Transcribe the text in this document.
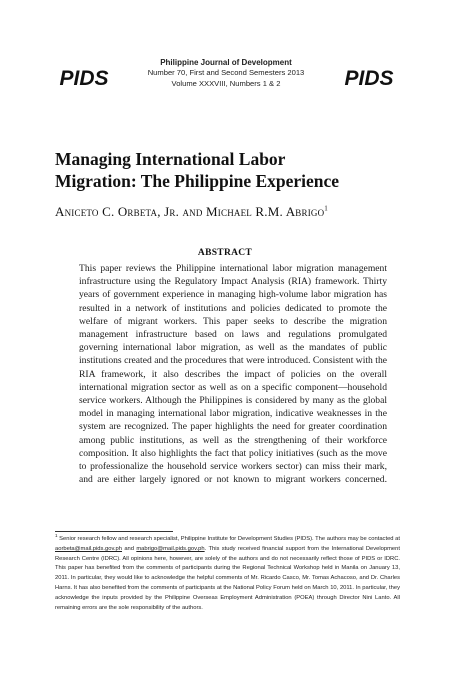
PIDS
Philippine Journal of Development
Number 70, First and Second Semesters 2013
Volume XXXVIII, Numbers 1 & 2	PIDS
Managing International Labor
Migration: The Philippine Experience
Aniceto C. Orbeta, Jr. and Michael R.M. Abrigo$^1$
ABSTRACT

This paper reviews the Philippine international labor migration management infrastructure using the Regulatory Impact Analysis (RIA) framework. Thirty years of government experience in managing high-volume labor migration has resulted in a network of institutions and policies dedicated to promote the welfare of migrant workers. This paper seeks to describe the migration management infrastructure based on laws and regulations promulgated governing international labor migration, as well as the mandates of public institutions created and the procedures that were introduced. Consistent with the RIA framework, it also describes the impact of policies on the overall international migration sector as well as on a specific component—household service workers. Although the Philippines is considered by many as the global model in managing international labor migration, indicative weaknesses in the system are recognized. The paper highlights the need for greater coordination among public institutions, as well as the strengthening of their workforce composition. It also highlights the fact that policy initiatives (such as the move to professionalize the household service workers sector) can miss their mark, and are either largely ignored or not known to migrant workers concerned.

$^1$ Senior research fellow and research specialist, Philippine Institute for Development Studies (PIDS). The authors may be contacted at aorbeta@mail.pids.gov.ph and mabrigo@mail.pids.gov.ph. This study received financial support from the International Development Research Centre (IDRC). All opinions here, however, are solely of the authors and do not necessarily reflect those of PIDS or IDRC. This paper has benefited from the comments of participants during the Regional Technical Workshop held in Manila on January 13, 2011. In particular, they would like to acknowledge the helpful comments of Mr. Ricardo Casco, Mr. Tomas Achacoso, and Dr. Charles Harns. It has also benefited from the comments of participants at the National Policy Forum held on March 10, 2011. In particular, they acknowledge the inputs provided by the Philippine Overseas Employment Administration (POEA) through Director Nini Lanto. All remaining errors are the sole responsibility of the authors.
